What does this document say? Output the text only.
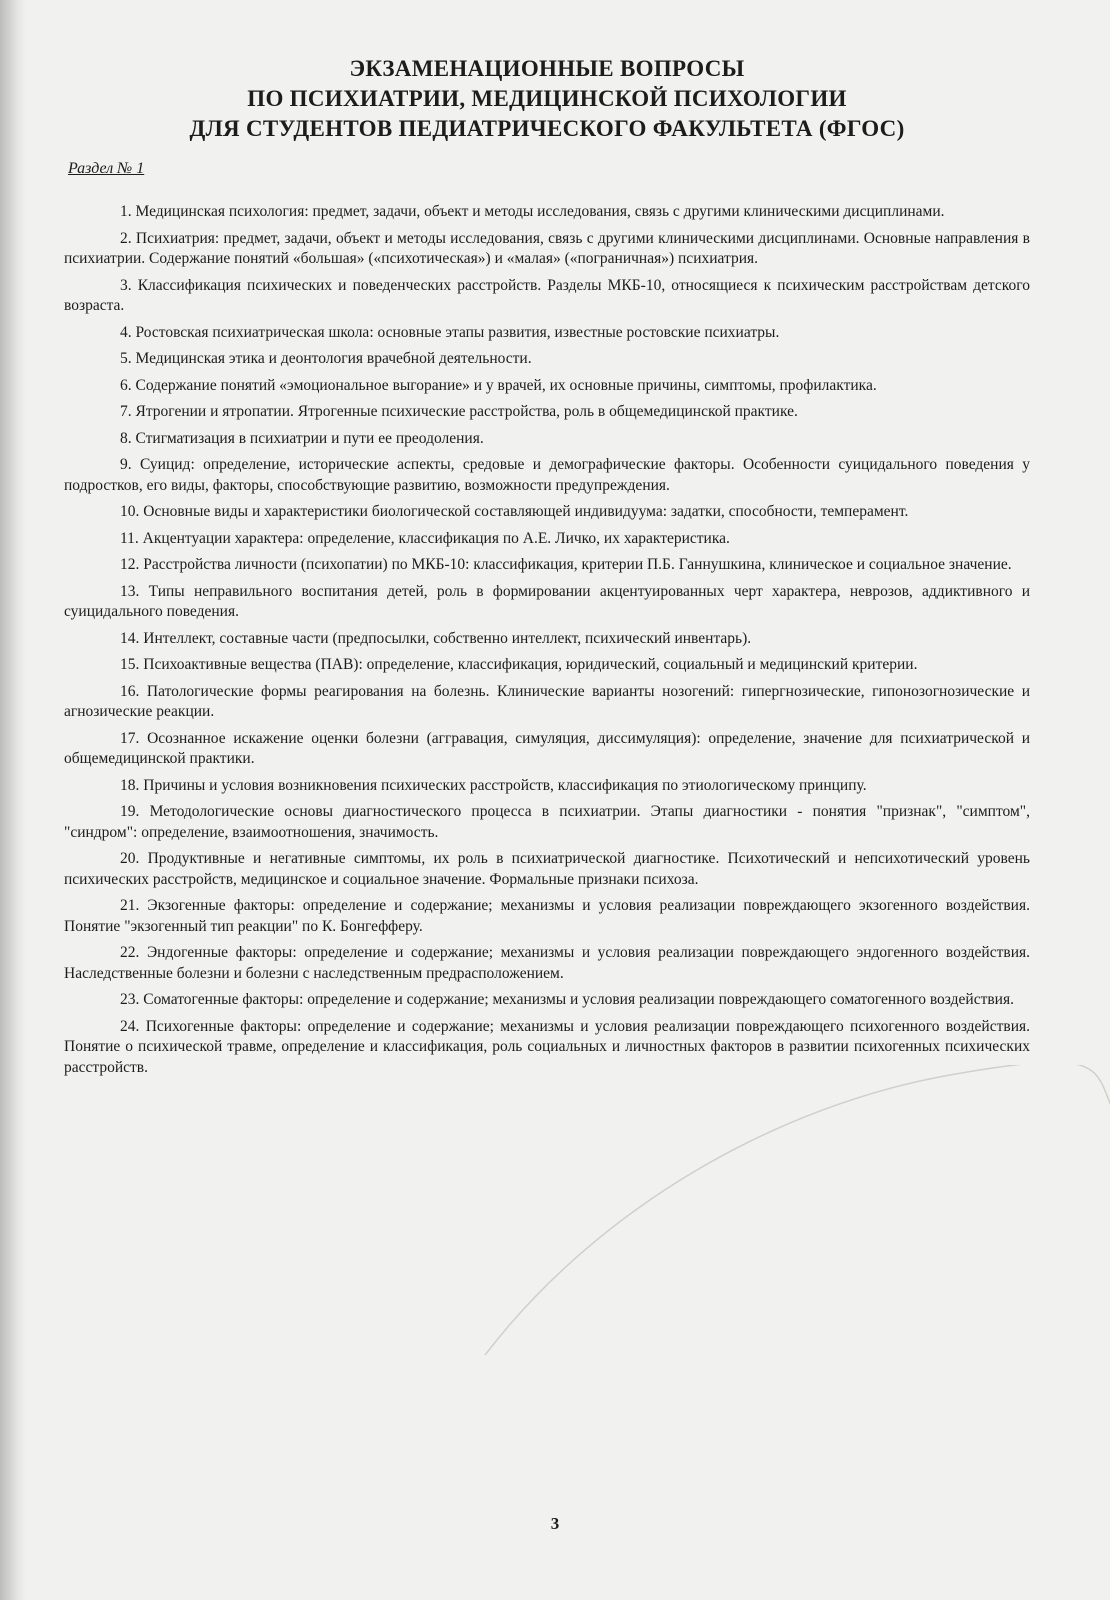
ЭКЗАМЕНАЦИОННЫЕ ВОПРОСЫ
ПО ПСИХИАТРИИ, МЕДИЦИНСКОЙ ПСИХОЛОГИИ
ДЛЯ СТУДЕНТОВ ПЕДИАТРИЧЕСКОГО ФАКУЛЬТЕТА (ФГОС)
Раздел № 1

1. Медицинская психология: предмет, задачи, объект и методы исследования, связь с другими клиническими дисциплинами.

2. Психиатрия: предмет, задачи, объект и методы исследования, связь с другими клиническими дисциплинами. Основные направления в психиатрии. Содержание понятий «большая» («психотическая») и «малая» («пограничная») психиатрия.

3. Классификация психических и поведенческих расстройств. Разделы МКБ-10, относящиеся к психическим расстройствам детского возраста.

4. Ростовская психиатрическая школа: основные этапы развития, известные ростовские психиатры.

5. Медицинская этика и деонтология врачебной деятельности.

6. Содержание понятий «эмоциональное выгорание» и у врачей, их основные причины, симптомы, профилактика.

7. Ятрогении и ятропатии. Ятрогенные психические расстройства, роль в общемедицинской практике.

8. Стигматизация в психиатрии и пути ее преодоления.

9. Суицид: определение, исторические аспекты, средовые и демографические факторы. Особенности суицидального поведения у подростков, его виды, факторы, способствующие развитию, возможности предупреждения.

10. Основные виды и характеристики биологической составляющей индивидуума: задатки, способности, темперамент.

11. Акцентуации характера: определение, классификация по А.Е. Личко, их характеристика.

12. Расстройства личности (психопатии) по МКБ-10: классификация, критерии П.Б. Ганнушкина, клиническое и социальное значение.

13. Типы неправильного воспитания детей, роль в формировании акцентуированных черт характера, неврозов, аддиктивного и суицидального поведения.

14. Интеллект, составные части (предпосылки, собственно интеллект, психический инвентарь).

15. Психоактивные вещества (ПАВ): определение, классификация, юридический, социальный и медицинский критерии.

16. Патологические формы реагирования на болезнь. Клинические варианты нозогений: гипергнозические, гипонозогнозические и агнозические реакции.

17. Осознанное искажение оценки болезни (аггравация, симуляция, диссимуляция): определение, значение для психиатрической и общемедицинской практики.

18. Причины и условия возникновения психических расстройств, классификация по этиологическому принципу.

19. Методологические основы диагностического процесса в психиатрии. Этапы диагностики - понятия "признак", "симптом", "синдром": определение, взаимоотношения, значимость.

20. Продуктивные и негативные симптомы, их роль в психиатрической диагностике. Психотический и непсихотический уровень психических расстройств, медицинское и социальное значение. Формальные признаки психоза.

21. Экзогенные факторы: определение и содержание; механизмы и условия реализации повреждающего экзогенного воздействия. Понятие "экзогенный тип реакции" по К. Бонгефферу.

22. Эндогенные факторы: определение и содержание; механизмы и условия реализации повреждающего эндогенного воздействия. Наследственные болезни и болезни с наследственным предрасположением.

23. Соматогенные факторы: определение и содержание; механизмы и условия реализации повреждающего соматогенного воздействия.

24. Психогенные факторы: определение и содержание; механизмы и условия реализации повреждающего психогенного воздействия. Понятие о психической травме, определение и классификация, роль социальных и личностных факторов в развитии психогенных психических расстройств.

3
